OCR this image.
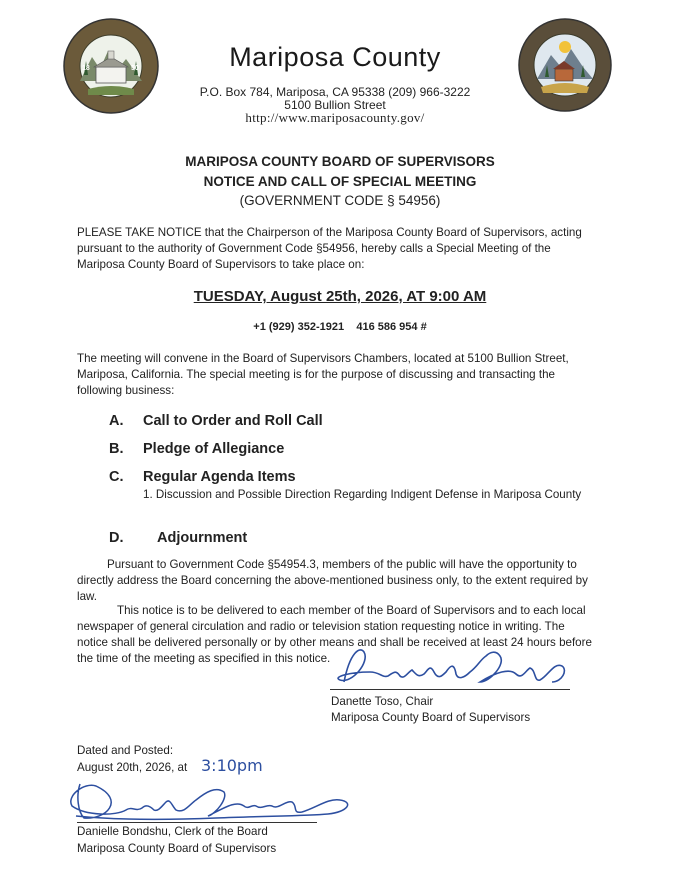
18	50	Mariposa County
P.O. Box 784, Mariposa, CA 95338 (209) 966-3222
5100 Bullion Street
http://www.mariposacounty.gov/
MARIPOSA COUNTY BOARD OF SUPERVISORS
NOTICE AND CALL OF SPECIAL MEETING
(GOVERNMENT CODE § 54956)
PLEASE TAKE NOTICE that the Chairperson of the Mariposa County Board of Supervisors, acting pursuant to the authority of Government Code §54956, hereby calls a Special Meeting of the Mariposa County Board of Supervisors to take place on:
TUESDAY, August 25th, 2026, AT 9:00 AM
+1 (929) 352-1921    416 586 954 #
The meeting will convene in the Board of Supervisors Chambers, located at 5100 Bullion Street, Mariposa, California. The special meeting is for the purpose of discussing and transacting the following business:
A. Call to Order and Roll Call
B. Pledge of Allegiance
C. Regular Agenda Items
1. Discussion and Possible Direction Regarding Indigent Defense in Mariposa County
D. Adjournment
Pursuant to Government Code §54954.3, members of the public will have the opportunity to directly address the Board concerning the above-mentioned business only, to the extent required by law.
This notice is to be delivered to each member of the Board of Supervisors and to each local newspaper of general circulation and radio or television station requesting notice in writing. The notice shall be delivered personally or by other means and shall be received at least 24 hours before the time of the meeting as specified in this notice.
Danette Toso, Chair
Mariposa County Board of Supervisors
Dated and Posted:
August 20th, 2026, at 3:10pm
Danielle Bondshu, Clerk of the Board
Mariposa County Board of Supervisors
